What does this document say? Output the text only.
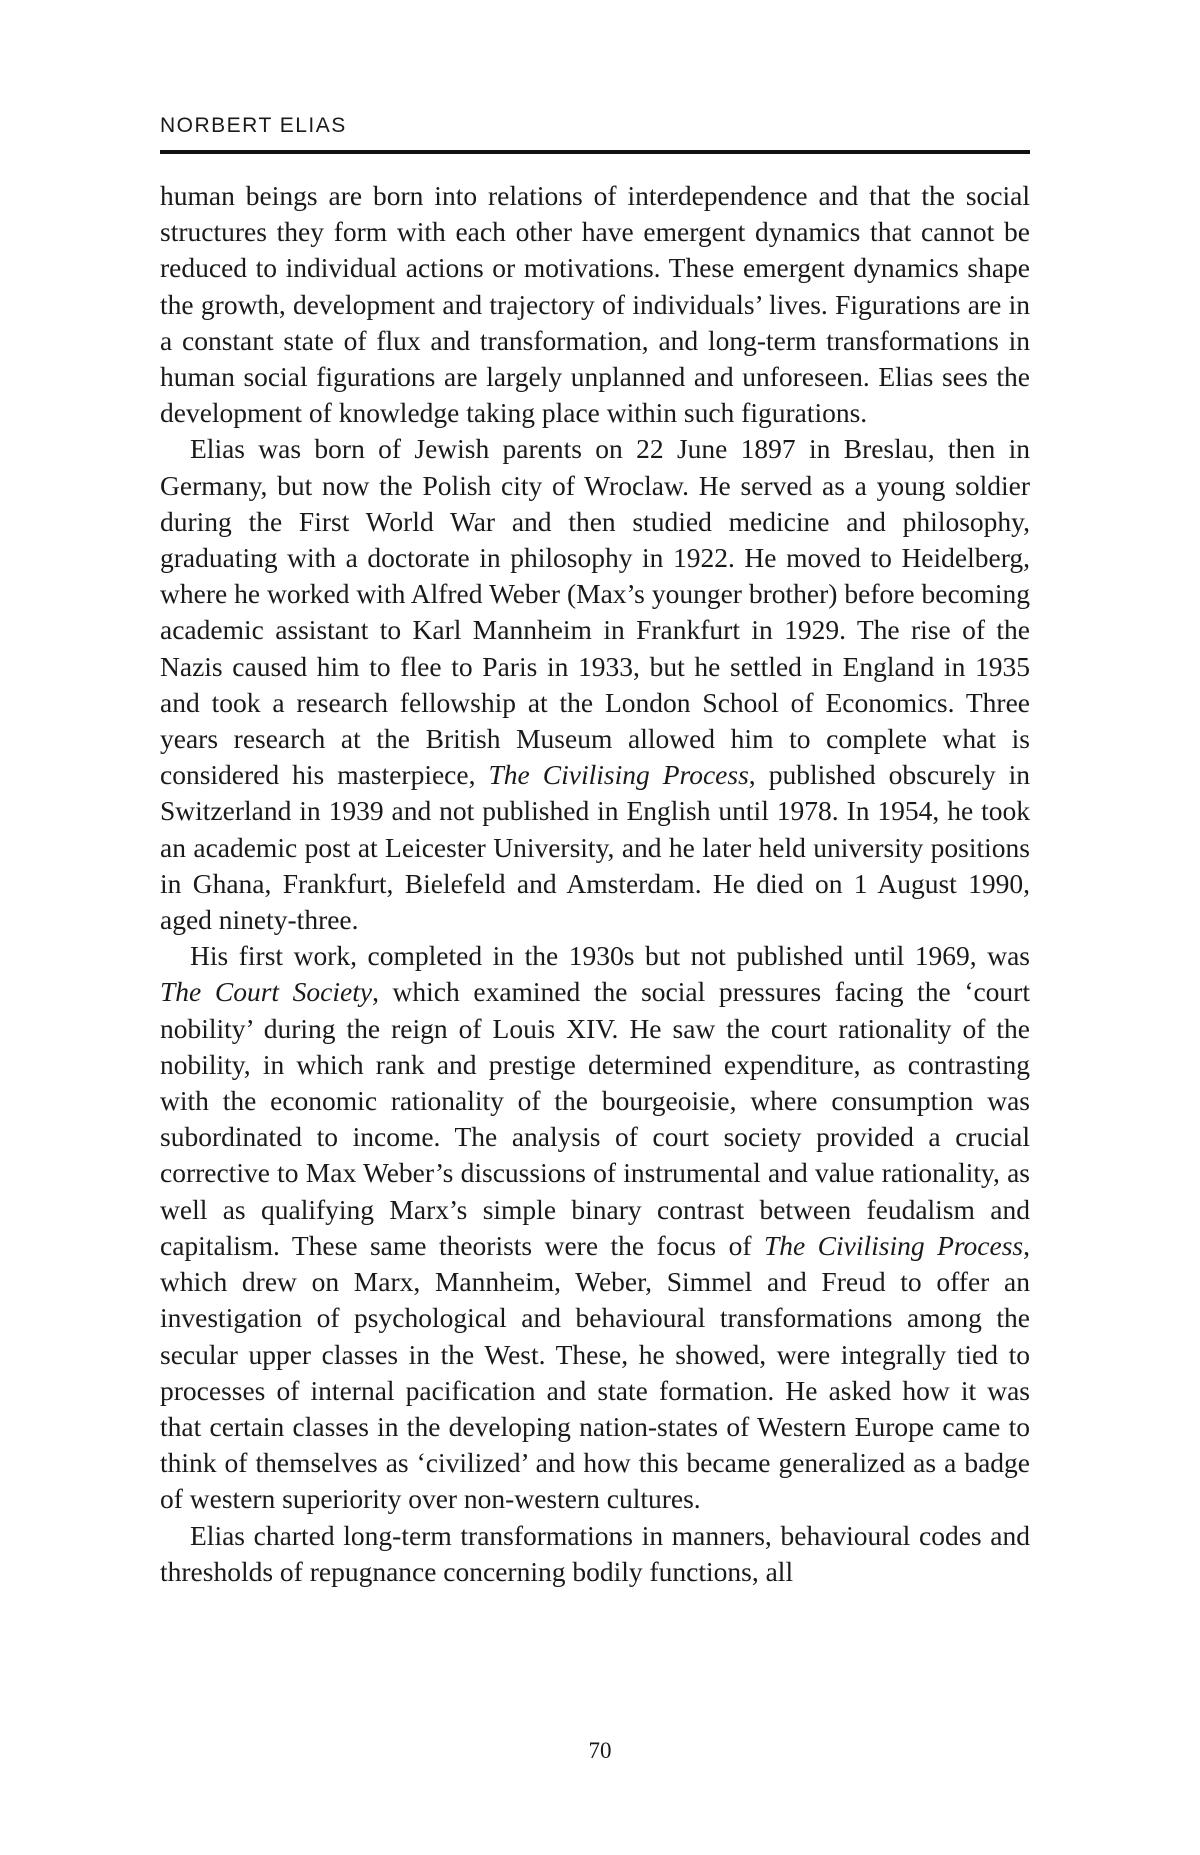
NORBERT ELIAS

human beings are born into relations of interdependence and that the social structures they form with each other have emergent dynamics that cannot be reduced to individual actions or motivations. These emergent dynamics shape the growth, development and trajectory of individuals’ lives. Figurations are in a constant state of flux and transformation, and long-term transformations in human social figurations are largely unplanned and unforeseen. Elias sees the development of knowledge taking place within such figurations.

Elias was born of Jewish parents on 22 June 1897 in Breslau, then in Germany, but now the Polish city of Wroclaw. He served as a young soldier during the First World War and then studied medicine and philosophy, graduating with a doctorate in philosophy in 1922. He moved to Heidelberg, where he worked with Alfred Weber (Max’s younger brother) before becoming academic assistant to Karl Mannheim in Frankfurt in 1929. The rise of the Nazis caused him to flee to Paris in 1933, but he settled in England in 1935 and took a research fellowship at the London School of Economics. Three years research at the British Museum allowed him to complete what is considered his masterpiece, The Civilising Process, published obscurely in Switzerland in 1939 and not published in English until 1978. In 1954, he took an academic post at Leicester University, and he later held university positions in Ghana, Frankfurt, Bielefeld and Amsterdam. He died on 1 August 1990, aged ninety-three.

His first work, completed in the 1930s but not published until 1969, was The Court Society, which examined the social pressures facing the ‘court nobility’ during the reign of Louis XIV. He saw the court rationality of the nobility, in which rank and prestige determined expenditure, as contrasting with the economic rationality of the bourgeoisie, where consumption was subordinated to income. The analysis of court society provided a crucial corrective to Max Weber’s discussions of instrumental and value rationality, as well as qualifying Marx’s simple binary contrast between feudalism and capitalism. These same theorists were the focus of The Civilising Process, which drew on Marx, Mannheim, Weber, Simmel and Freud to offer an investigation of psychological and behavioural transformations among the secular upper classes in the West. These, he showed, were integrally tied to processes of internal pacification and state formation. He asked how it was that certain classes in the developing nation-states of Western Europe came to think of themselves as ‘civilized’ and how this became generalized as a badge of western superiority over non-western cultures.

Elias charted long-term transformations in manners, behavioural codes and thresholds of repugnance concerning bodily functions, all

70
